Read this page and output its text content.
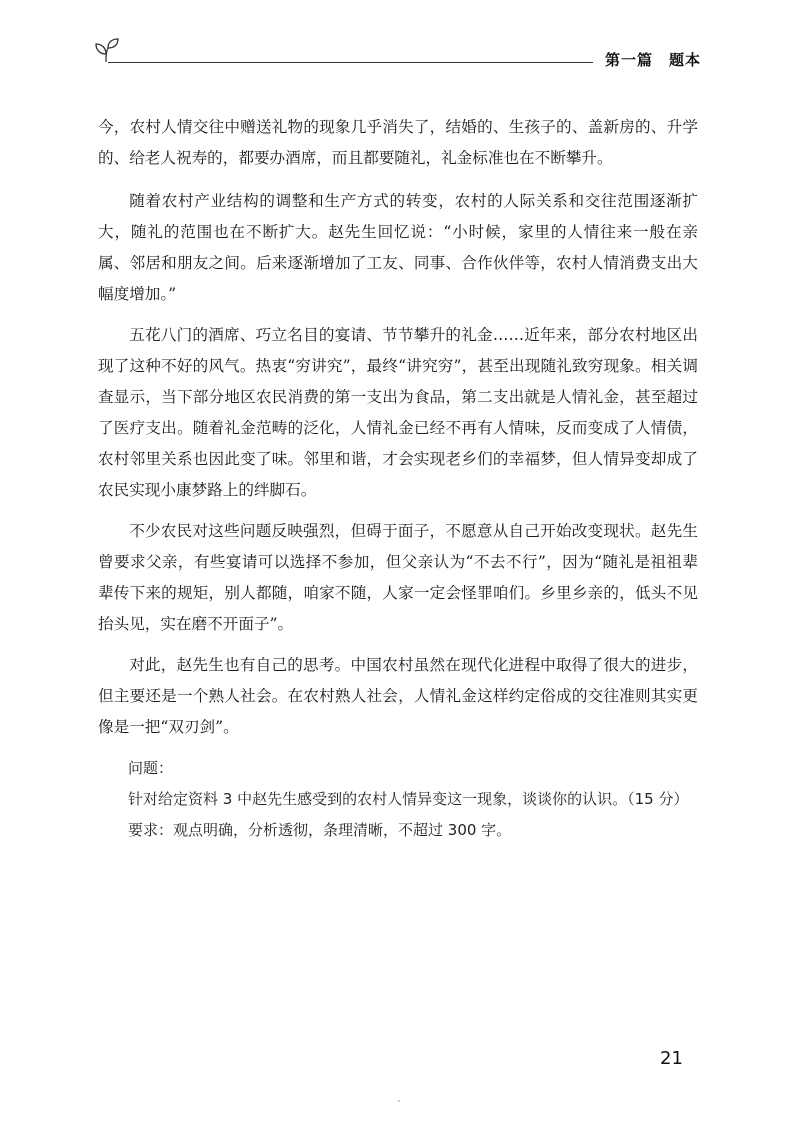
第一篇　题本

今，农村人情交往中赠送礼物的现象几乎消失了，结婚的、生孩子的、盖新房的、升学的、给老人祝寿的，都要办酒席，而且都要随礼，礼金标准也在不断攀升。

随着农村产业结构的调整和生产方式的转变，农村的人际关系和交往范围逐渐扩大，随礼的范围也在不断扩大。赵先生回忆说：“小时候，家里的人情往来一般在亲属、邻居和朋友之间。后来逐渐增加了工友、同事、合作伙伴等，农村人情消费支出大幅度增加。”

五花八门的酒席、巧立名目的宴请、节节攀升的礼金……近年来，部分农村地区出现了这种不好的风气。热衷“穷讲究”，最终“讲究穷”，甚至出现随礼致穷现象。相关调查显示，当下部分地区农民消费的第一支出为食品，第二支出就是人情礼金，甚至超过了医疗支出。随着礼金范畴的泛化，人情礼金已经不再有人情味，反而变成了人情债，农村邻里关系也因此变了味。邻里和谐，才会实现老乡们的幸福梦，但人情异变却成了农民实现小康梦路上的绊脚石。

不少农民对这些问题反映强烈，但碍于面子，不愿意从自己开始改变现状。赵先生曾要求父亲，有些宴请可以选择不参加，但父亲认为“不去不行”，因为“随礼是祖祖辈辈传下来的规矩，别人都随，咱家不随，人家一定会怪罪咱们。乡里乡亲的，低头不见抬头见，实在磨不开面子”。

对此，赵先生也有自己的思考。中国农村虽然在现代化进程中取得了很大的进步，但主要还是一个熟人社会。在农村熟人社会，人情礼金这样约定俗成的交往准则其实更像是一把“双刃剑”。

问题：

针对给定资料 3 中赵先生感受到的农村人情异变这一现象，谈谈你的认识。（15 分）

要求：观点明确，分析透彻，条理清晰，不超过 300 字。

21
